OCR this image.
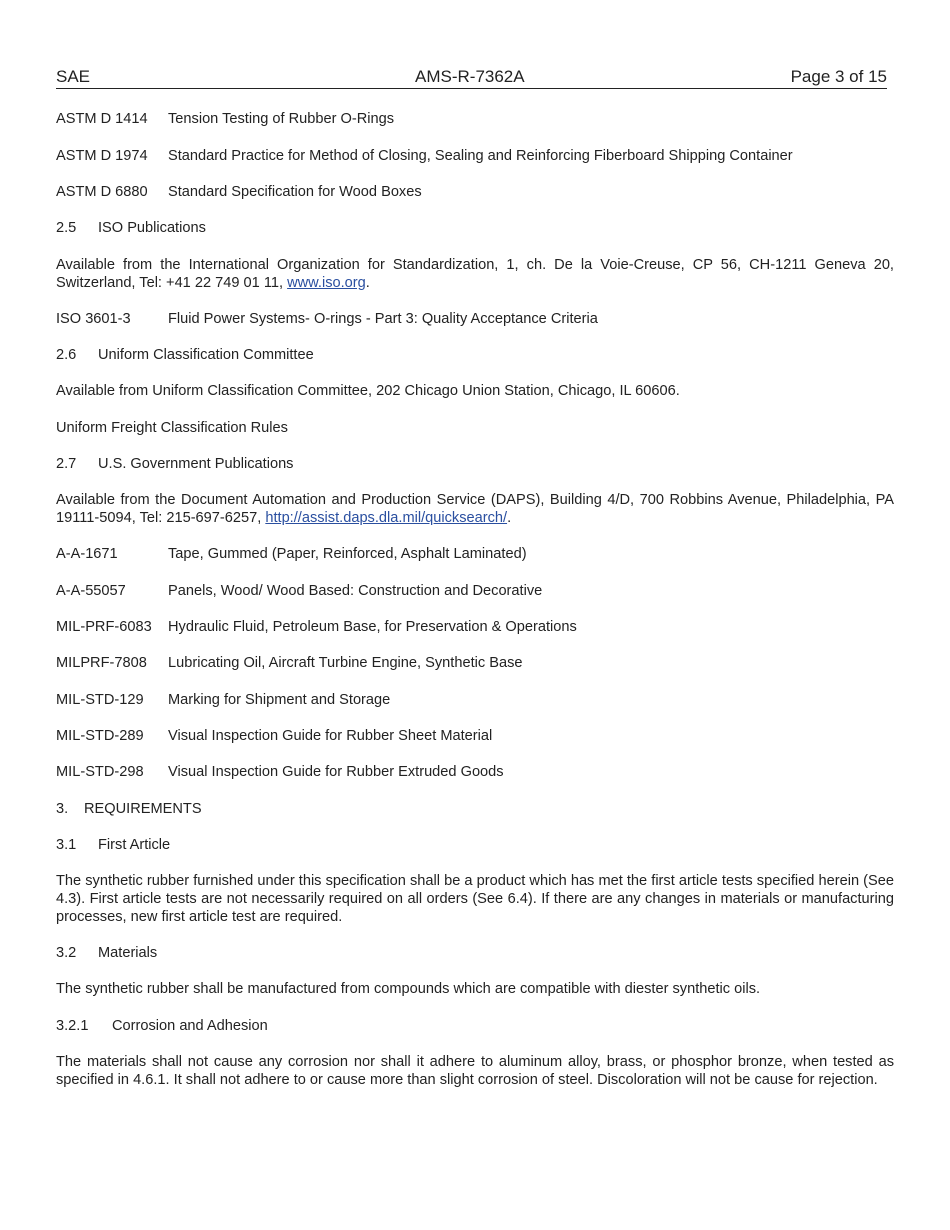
SAE	AMS-R-7362A	Page 3 of 15
ASTM D 1414 Tension Testing of Rubber O-Rings
ASTM D 1974 Standard Practice for Method of Closing, Sealing and Reinforcing Fiberboard Shipping Container
ASTM D 6880 Standard Specification for Wood Boxes
2.5 ISO Publications
Available from the International Organization for Standardization, 1, ch. De la Voie-Creuse, CP 56, CH-1211 Geneva 20, Switzerland, Tel: +41 22 749 01 11, www.iso.org.
ISO 3601-3	Fluid Power Systems- O-rings - Part 3: Quality Acceptance Criteria
2.6 Uniform Classification Committee
Available from Uniform Classification Committee, 202 Chicago Union Station, Chicago, IL 60606.
Uniform Freight Classification Rules
2.7 U.S. Government Publications
Available from the Document Automation and Production Service (DAPS), Building 4/D, 700 Robbins Avenue, Philadelphia, PA 19111-5094, Tel: 215-697-6257, http://assist.daps.dla.mil/quicksearch/.
A-A-1671	Tape, Gummed (Paper, Reinforced, Asphalt Laminated)
A-A-55057	Panels, Wood/ Wood Based: Construction and Decorative
MIL-PRF-6083 Hydraulic Fluid, Petroleum Base, for Preservation & Operations
MILPRF-7808 Lubricating Oil, Aircraft Turbine Engine, Synthetic Base
MIL-STD-129 Marking for Shipment and Storage
MIL-STD-289 Visual Inspection Guide for Rubber Sheet Material
MIL-STD-298 Visual Inspection Guide for Rubber Extruded Goods
3. REQUIREMENTS
3.1 First Article
The synthetic rubber furnished under this specification shall be a product which has met the first article tests specified herein (See 4.3). First article tests are not necessarily required on all orders (See 6.4). If there are any changes in materials or manufacturing processes, new first article test are required.
3.2 Materials
The synthetic rubber shall be manufactured from compounds which are compatible with diester synthetic oils.
3.2.1 Corrosion and Adhesion
The materials shall not cause any corrosion nor shall it adhere to aluminum alloy, brass, or phosphor bronze, when tested as specified in 4.6.1. It shall not adhere to or cause more than slight corrosion of steel. Discoloration will not be cause for rejection.
